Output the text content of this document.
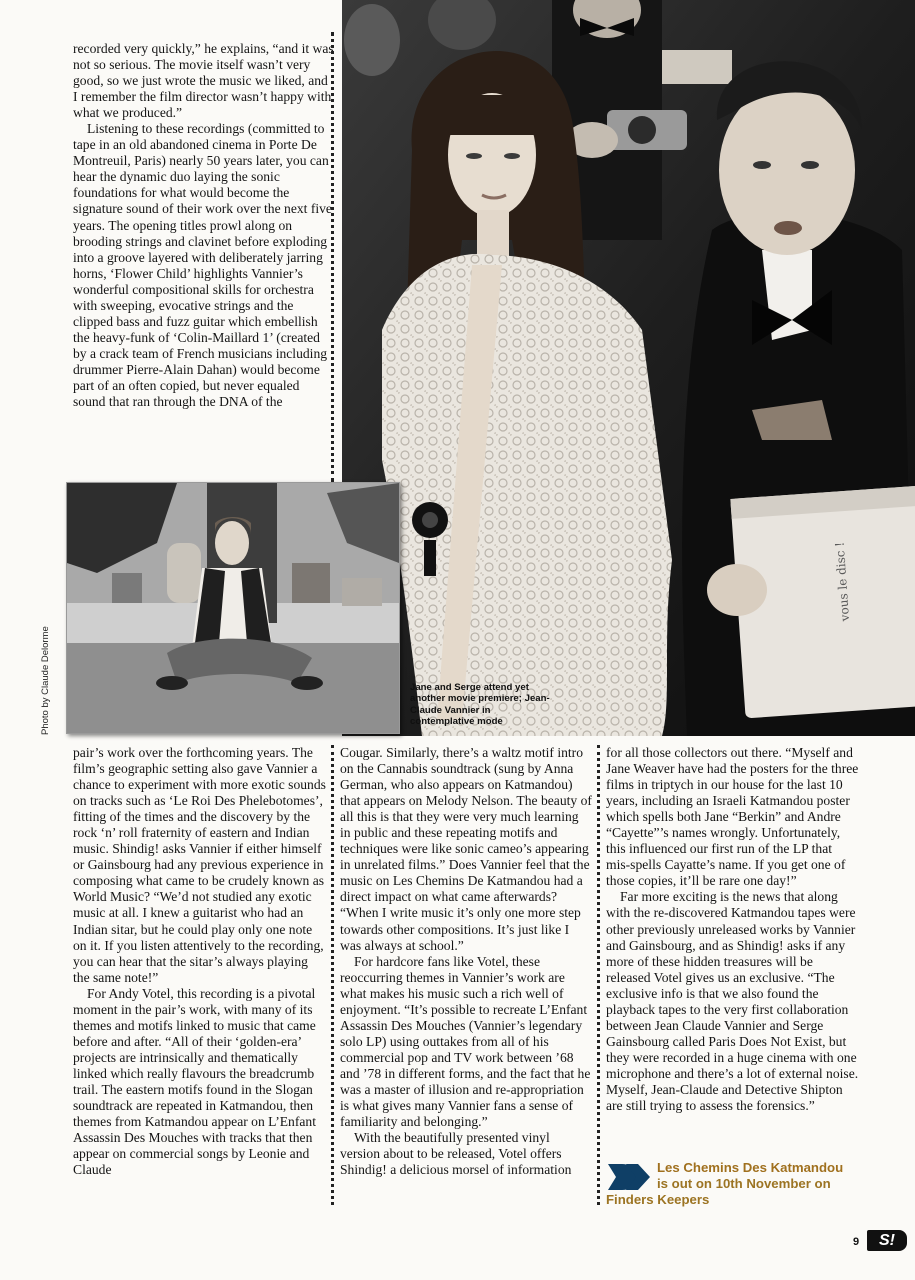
vous le disc !

recorded very quickly,” he explains, “and it was not so serious. The movie itself wasn’t very good, so we just wrote the music we liked, and I remember the film director wasn’t happy with what we produced.”

Listening to these recordings (committed to tape in an old abandoned cinema in Porte De Montreuil, Paris) nearly 50 years later, you can hear the dynamic duo laying the sonic foundations for what would become the signature sound of their work over the next five years. The opening titles prowl along on brooding strings and clavinet before exploding into a groove layered with deliberately jarring horns, ‘Flower Child’ highlights Vannier’s wonderful compositional skills for orchestra with sweeping, evocative strings and the clipped bass and fuzz guitar which embellish the heavy-funk of ‘Colin-Maillard 1’ (created by a crack team of French musicians including drummer Pierre-Alain Dahan) would become part of an often copied, but never equaled sound that ran through the DNA of the

Jane and Serge attend yet another movie premiere; Jean-Claude Vannier in contemplative mode
Photo by Claude Delorme

pair’s work over the forthcoming years. The film’s geographic setting also gave Vannier a chance to experiment with more exotic sounds on tracks such as ‘Le Roi Des Phelebotomes’, fitting of the times and the discovery by the rock ‘n’ roll fraternity of eastern and Indian music. Shindig! asks Vannier if either himself or Gainsbourg had any previous experience in composing what came to be crudely known as World Music? “We’d not studied any exotic music at all. I knew a guitarist who had an Indian sitar, but he could play only one note on it. If you listen attentively to the recording, you can hear that the sitar’s always playing the same note!”

For Andy Votel, this recording is a pivotal moment in the pair’s work, with many of its themes and motifs linked to music that came before and after. “All of their ‘golden-era’ projects are intrinsically and thematically linked which really flavours the breadcrumb trail. The eastern motifs found in the Slogan soundtrack are repeated in Katmandou, then themes from Katmandou appear on L’Enfant Assassin Des Mouches with tracks that then appear on commercial songs by Leonie and Claude

Cougar. Similarly, there’s a waltz motif intro on the Cannabis soundtrack (sung by Anna German, who also appears on Katmandou) that appears on Melody Nelson. The beauty of all this is that they were very much learning in public and these repeating motifs and techniques were like sonic cameo’s appearing in unrelated films.” Does Vannier feel that the music on Les Chemins De Katmandou had a direct impact on what came afterwards? “When I write music it’s only one more step towards other compositions. It’s just like I was always at school.”

For hardcore fans like Votel, these reoccurring themes in Vannier’s work are what makes his music such a rich well of enjoyment. “It’s possible to recreate L’Enfant Assassin Des Mouches (Vannier’s legendary solo LP) using outtakes from all of his commercial pop and TV work between ’68 and ’78 in different forms, and the fact that he was a master of illusion and re-appropriation is what gives many Vannier fans a sense of familiarity and belonging.”

With the beautifully presented vinyl version about to be released, Votel offers Shindig! a delicious morsel of information

for all those collectors out there. “Myself and Jane Weaver have had the posters for the three films in triptych in our house for the last 10 years, including an Israeli Katmandou poster which spells both Jane “Berkin” and Andre “Cayette”’s names wrongly. Unfortunately, this influenced our first run of the LP that mis-spells Cayatte’s name. If you get one of those copies, it’ll be rare one day!”

Far more exciting is the news that along with the re-discovered Katmandou tapes were other previously unreleased works by Vannier and Gainsbourg, and as Shindig! asks if any more of these hidden treasures will be released Votel gives us an exclusive. “The exclusive info is that we also found the playback tapes to the very first collaboration between Jean Claude Vannier and Serge Gainsbourg called Paris Does Not Exist, but they were recorded in a huge cinema with one microphone and there’s a lot of external noise. Myself, Jean-Claude and Detective Shipton are still trying to assess the forensics.”

Les Chemins Des Katmandou
is out on 10th November on
Finders Keepers
9	S!
